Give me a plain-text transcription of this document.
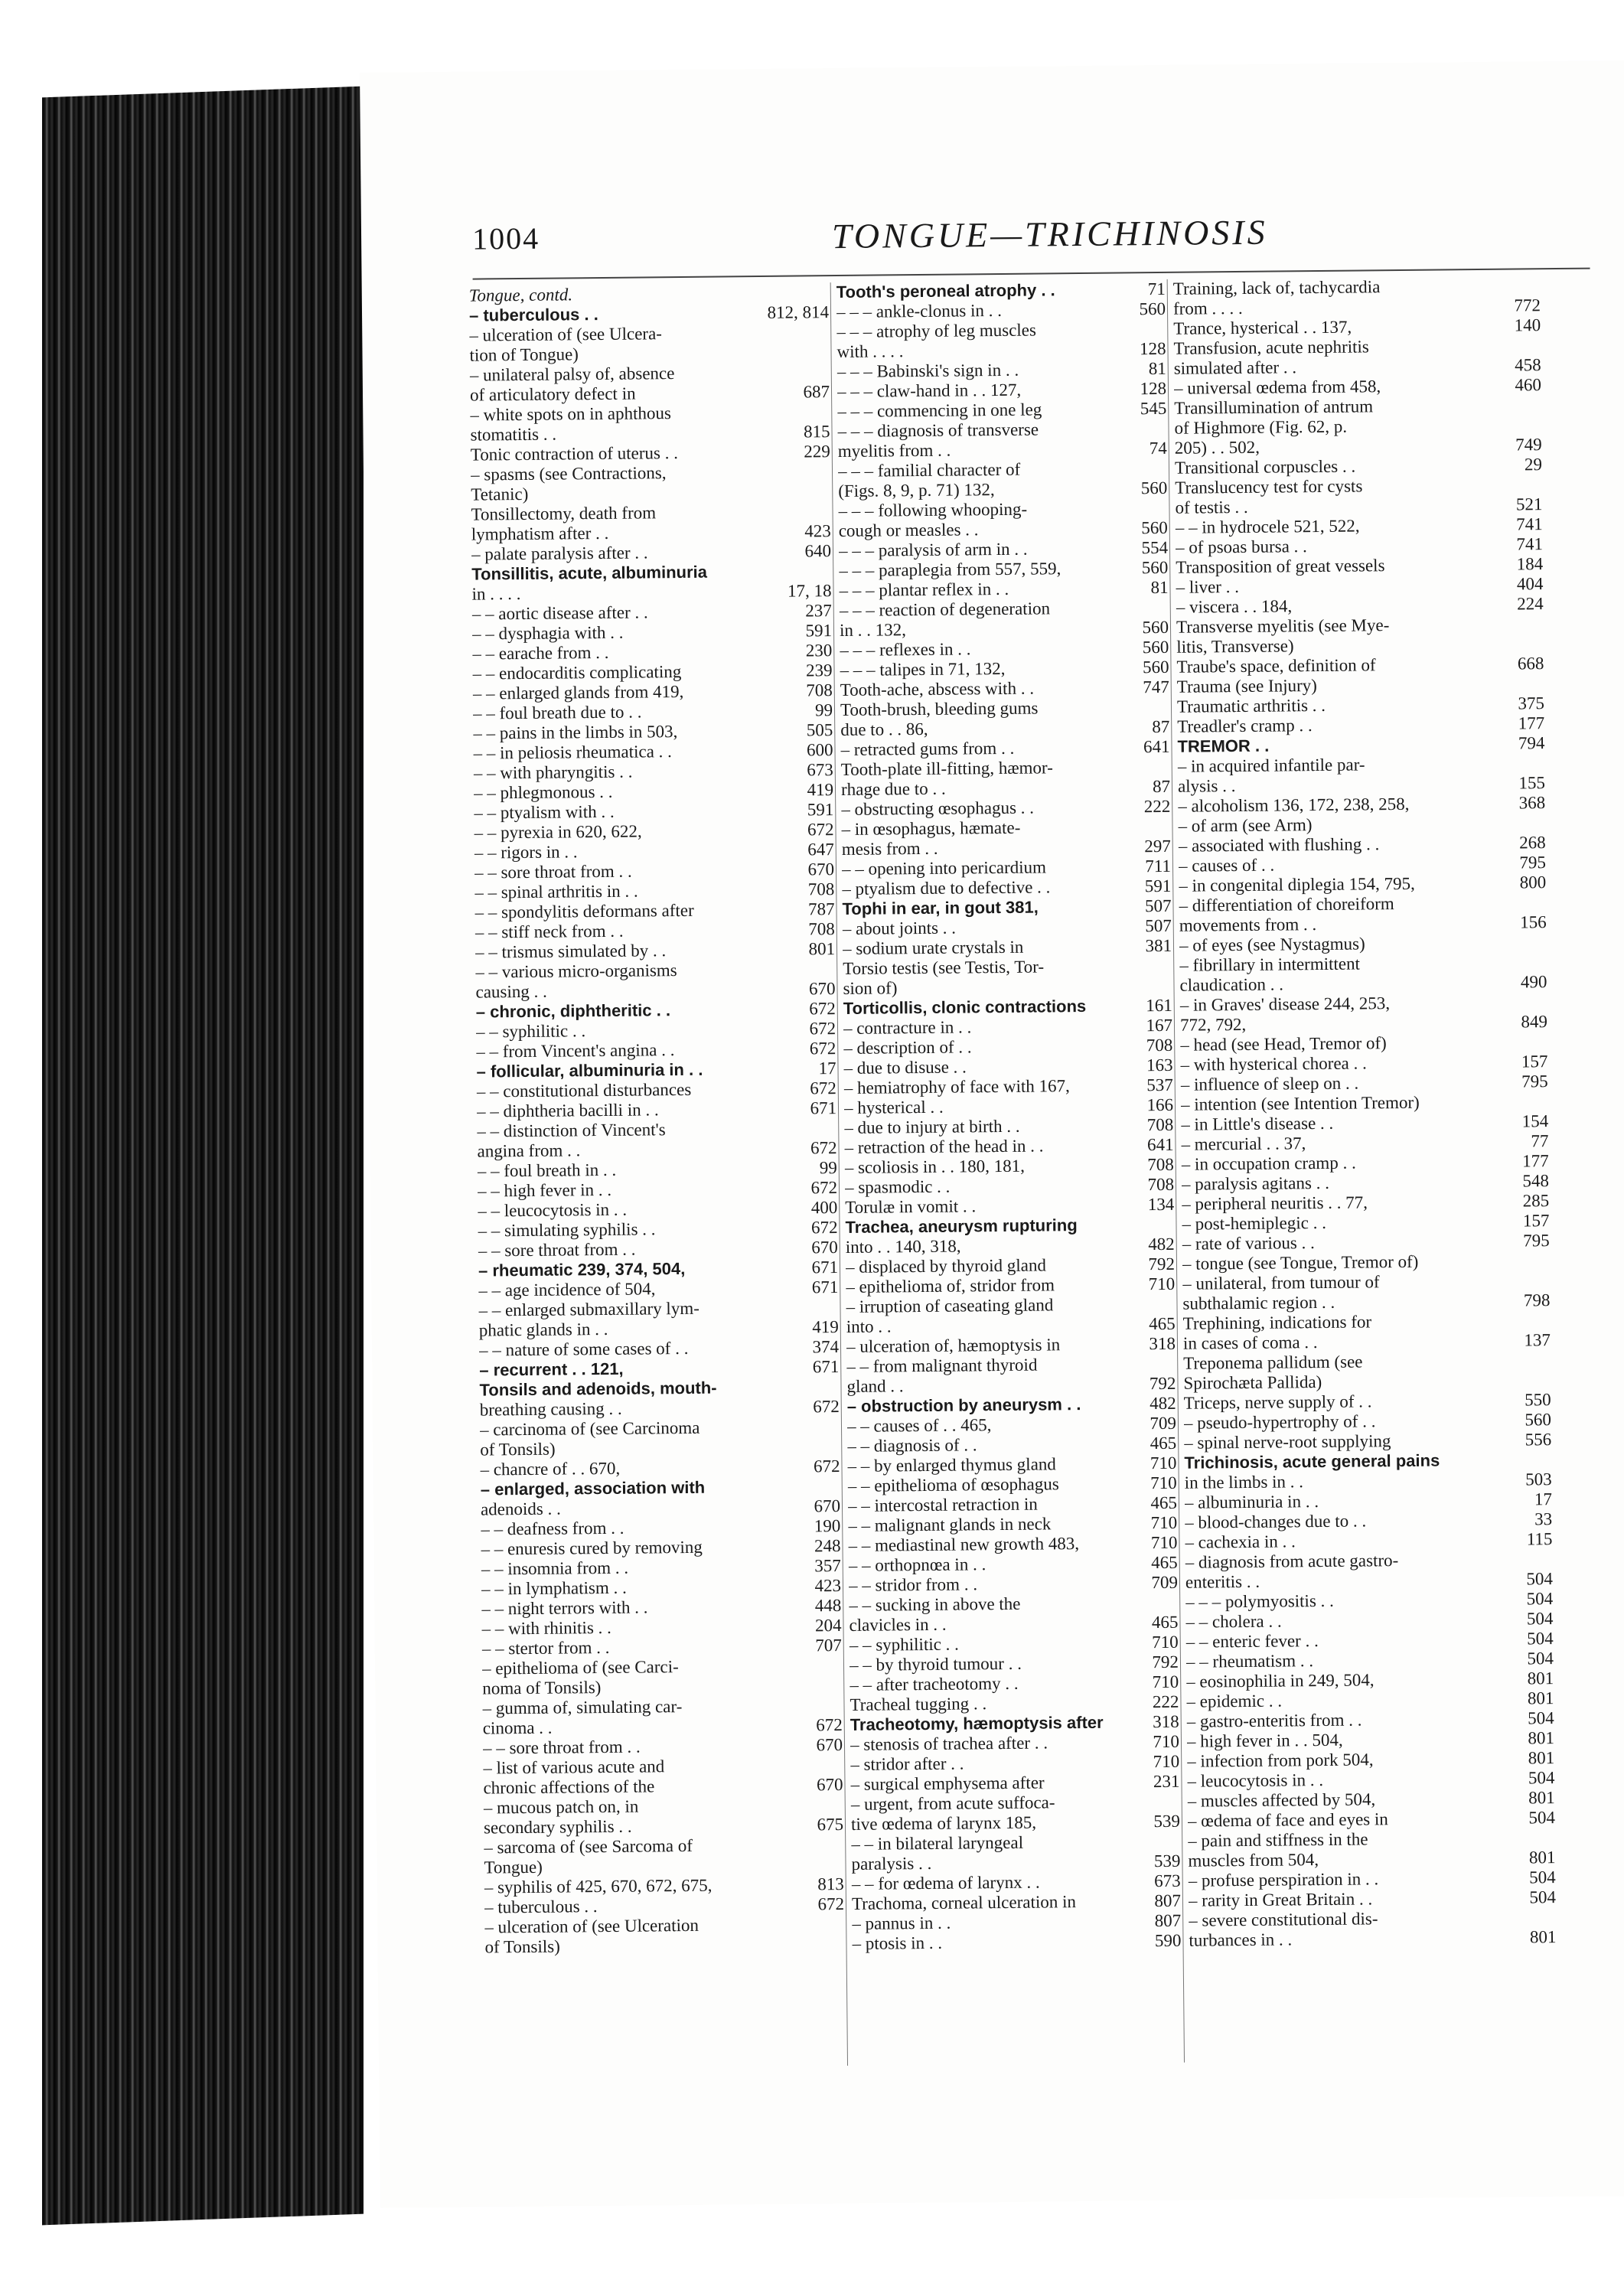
1004	TONGUE—TRICHINOSIS
Tongue, contd.
– tuberculous . .	812, 814
– ulceration of (see Ulcera-
tion of Tongue)
– unilateral palsy of, absence
of articulatory defect in	687
– white spots on in aphthous
stomatitis . .	815
Tonic contraction of uterus . .	229
– spasms (see Contractions,
Tetanic)
Tonsillectomy, death from
lymphatism after . .	423
– palate paralysis after . .	640
Tonsillitis, acute, albuminuria
in . . . .	17, 18
– – aortic disease after . .	237
– – dysphagia with . .	591
– – earache from . .	230
– – endocarditis complicating	239
– – enlarged glands from 419,	708
– – foul breath due to . .	99
– – pains in the limbs in 503,	505
– – in peliosis rheumatica . .	600
– – with pharyngitis . .	673
– – phlegmonous . .	419
– – ptyalism with . .	591
– – pyrexia in 620, 622,	672
– – rigors in . .	647
– – sore throat from . .	670
– – spinal arthritis in . .	708
– – spondylitis deformans after	787
– – stiff neck from . .	708
– – trismus simulated by . .	801
– – various micro-organisms
causing . .	670
– chronic, diphtheritic . .	672
– – syphilitic . .	672
– – from Vincent's angina . .	672
– follicular, albuminuria in . .	17
– – constitutional disturbances	672
– – diphtheria bacilli in . .	671
– – distinction of Vincent's
angina from . .	672
– – foul breath in . .	99
– – high fever in . .	672
– – leucocytosis in . .	400
– – simulating syphilis . .	672
– – sore throat from . .	670
– rheumatic 239, 374, 504,	671
– – age incidence of 504,	671
– – enlarged submaxillary lym-
phatic glands in . .	419
– – nature of some cases of . .	374
– recurrent . . 121,	671
Tonsils and adenoids, mouth-
breathing causing . .	672
– carcinoma of (see Carcinoma
of Tonsils)
– chancre of . . 670,	672
– enlarged, association with
adenoids . .	670
– – deafness from . .	190
– – enuresis cured by removing	248
– – insomnia from . .	357
– – in lymphatism . .	423
– – night terrors with . .	448
– – with rhinitis . .	204
– – stertor from . .	707
– epithelioma of (see Carci-
noma of Tonsils)
– gumma of, simulating car-
cinoma . .	672
– – sore throat from . .	670
– list of various acute and
chronic affections of the	670
– mucous patch on, in
secondary syphilis . .	675
– sarcoma of (see Sarcoma of
Tongue)
– syphilis of 425, 670, 672, 675,	813
– tuberculous . .	672
– ulceration of (see Ulceration
of Tonsils)
Tooth's peroneal atrophy . .	71
– – – ankle-clonus in . .	560
– – – atrophy of leg muscles
with . . . .	128
– – – Babinski's sign in . .	81
– – – claw-hand in . . 127,	128
– – – commencing in one leg	545
– – – diagnosis of transverse
myelitis from . .	74
– – – familial character of
(Figs. 8, 9, p. 71) 132,	560
– – – following whooping-
cough or measles . .	560
– – – paralysis of arm in . .	554
– – – paraplegia from 557, 559,	560
– – – plantar reflex in . .	81
– – – reaction of degeneration
in . . 132,	560
– – – reflexes in . .	560
– – – talipes in 71, 132,	560
Tooth-ache, abscess with . .	747
Tooth-brush, bleeding gums
due to . . 86,	87
– retracted gums from . .	641
Tooth-plate ill-fitting, hæmor-
rhage due to . .	87
– obstructing œsophagus . .	222
– in œsophagus, hæmate-
mesis from . .	297
– – opening into pericardium	711
– ptyalism due to defective . .	591
Tophi in ear, in gout 381,	507
– about joints . .	507
– sodium urate crystals in	381
Torsio testis (see Testis, Tor-
sion of)
Torticollis, clonic contractions	161
– contracture in . .	167
– description of . .	708
– due to disuse . .	163
– hemiatrophy of face with 167,	537
– hysterical . .	166
– due to injury at birth . .	708
– retraction of the head in . .	641
– scoliosis in . . 180, 181,	708
– spasmodic . .	708
Torulæ in vomit . .	134
Trachea, aneurysm rupturing
into . . 140, 318,	482
– displaced by thyroid gland	792
– epithelioma of, stridor from	710
– irruption of caseating gland
into . .	465
– ulceration of, hæmoptysis in	318
– – from malignant thyroid
gland . .	792
– obstruction by aneurysm . .	482
– – causes of . . 465,	709
– – diagnosis of . .	465
– – by enlarged thymus gland	710
– – epithelioma of œsophagus	710
– – intercostal retraction in	465
– – malignant glands in neck	710
– – mediastinal new growth 483,	710
– – orthopnœa in . .	465
– – stridor from . .	709
– – sucking in above the
clavicles in . .	465
– – syphilitic . .	710
– – by thyroid tumour . .	792
– – after tracheotomy . .	710
Tracheal tugging . .	222
Tracheotomy, hæmoptysis after	318
– stenosis of trachea after . .	710
– stridor after . .	710
– surgical emphysema after	231
– urgent, from acute suffoca-
tive œdema of larynx 185,	539
– – in bilateral laryngeal
paralysis . .	539
– – for œdema of larynx . .	673
Trachoma, corneal ulceration in	807
– pannus in . .	807
– ptosis in . .	590
Training, lack of, tachycardia
from . . . .	772
Trance, hysterical . . 137,	140
Transfusion, acute nephritis
simulated after . .	458
– universal œdema from 458,	460
Transillumination of antrum
of Highmore (Fig. 62, p.
205) . . 502,	749
Transitional corpuscles . .	29
Translucency test for cysts
of testis . .	521
– – in hydrocele 521, 522,	741
– of psoas bursa . .	741
Transposition of great vessels	184
– liver . .	404
– viscera . . 184,	224
Transverse myelitis (see Mye-
litis, Transverse)
Traube's space, definition of	668
Trauma (see Injury)
Traumatic arthritis . .	375
Treadler's cramp . .	177
TREMOR . .	794
– in acquired infantile par-
alysis . .	155
– alcoholism 136, 172, 238, 258,	368
– of arm (see Arm)
– associated with flushing . .	268
– causes of . .	795
– in congenital diplegia 154, 795,	800
– differentiation of choreiform
movements from . .	156
– of eyes (see Nystagmus)
– fibrillary in intermittent
claudication . .	490
– in Graves' disease 244, 253,
772, 792,	849
– head (see Head, Tremor of)
– with hysterical chorea . .	157
– influence of sleep on . .	795
– intention (see Intention Tremor)
– in Little's disease . .	154
– mercurial . . 37,	77
– in occupation cramp . .	177
– paralysis agitans . .	548
– peripheral neuritis . . 77,	285
– post-hemiplegic . .	157
– rate of various . .	795
– tongue (see Tongue, Tremor of)
– unilateral, from tumour of
subthalamic region . .	798
Trephining, indications for
in cases of coma . .	137
Treponema pallidum (see
Spirochæta Pallida)
Triceps, nerve supply of . .	550
– pseudo-hypertrophy of . .	560
– spinal nerve-root supplying	556
Trichinosis, acute general pains
in the limbs in . .	503
– albuminuria in . .	17
– blood-changes due to . .	33
– cachexia in . .	115
– diagnosis from acute gastro-
enteritis . .	504
– – – polymyositis . .	504
– – cholera . .	504
– – enteric fever . .	504
– – rheumatism . .	504
– eosinophilia in 249, 504,	801
– epidemic . .	801
– gastro-enteritis from . .	504
– high fever in . . 504,	801
– infection from pork 504,	801
– leucocytosis in . .	504
– muscles affected by 504,	801
– œdema of face and eyes in	504
– pain and stiffness in the
muscles from 504,	801
– profuse perspiration in . .	504
– rarity in Great Britain . .	504
– severe constitutional dis-
turbances in . .	801
